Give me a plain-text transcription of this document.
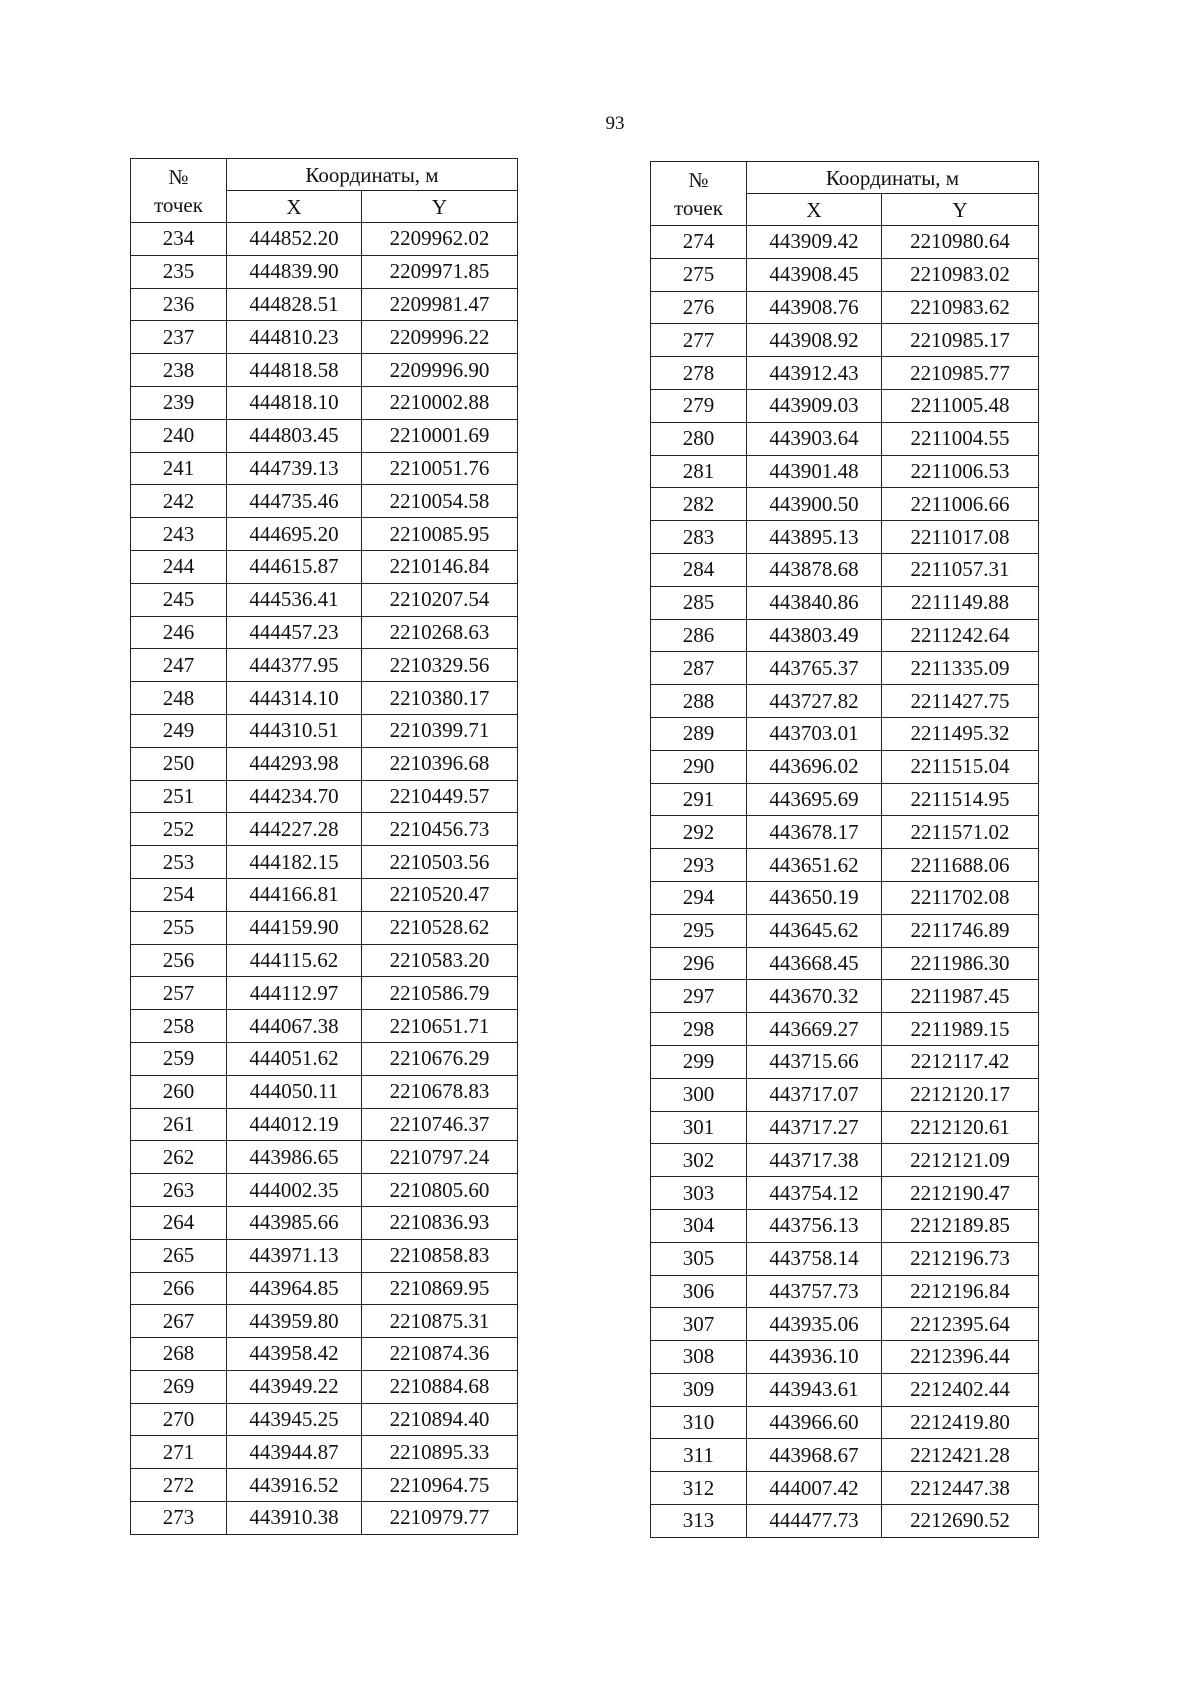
93
№
точек	Координаты, м	
	X	Y
234	444852.20	2209962.02
235	444839.90	2209971.85
236	444828.51	2209981.47
237	444810.23	2209996.22
238	444818.58	2209996.90
239	444818.10	2210002.88
240	444803.45	2210001.69
241	444739.13	2210051.76
242	444735.46	2210054.58
243	444695.20	2210085.95
244	444615.87	2210146.84
245	444536.41	2210207.54
246	444457.23	2210268.63
247	444377.95	2210329.56
248	444314.10	2210380.17
249	444310.51	2210399.71
250	444293.98	2210396.68
251	444234.70	2210449.57
252	444227.28	2210456.73
253	444182.15	2210503.56
254	444166.81	2210520.47
255	444159.90	2210528.62
256	444115.62	2210583.20
257	444112.97	2210586.79
258	444067.38	2210651.71
259	444051.62	2210676.29
260	444050.11	2210678.83
261	444012.19	2210746.37
262	443986.65	2210797.24
263	444002.35	2210805.60
264	443985.66	2210836.93
265	443971.13	2210858.83
266	443964.85	2210869.95
267	443959.80	2210875.31
268	443958.42	2210874.36
269	443949.22	2210884.68
270	443945.25	2210894.40
271	443944.87	2210895.33
272	443916.52	2210964.75
273	443910.38	2210979.77
№
точек	Координаты, м	
	X	Y
274	443909.42	2210980.64
275	443908.45	2210983.02
276	443908.76	2210983.62
277	443908.92	2210985.17
278	443912.43	2210985.77
279	443909.03	2211005.48
280	443903.64	2211004.55
281	443901.48	2211006.53
282	443900.50	2211006.66
283	443895.13	2211017.08
284	443878.68	2211057.31
285	443840.86	2211149.88
286	443803.49	2211242.64
287	443765.37	2211335.09
288	443727.82	2211427.75
289	443703.01	2211495.32
290	443696.02	2211515.04
291	443695.69	2211514.95
292	443678.17	2211571.02
293	443651.62	2211688.06
294	443650.19	2211702.08
295	443645.62	2211746.89
296	443668.45	2211986.30
297	443670.32	2211987.45
298	443669.27	2211989.15
299	443715.66	2212117.42
300	443717.07	2212120.17
301	443717.27	2212120.61
302	443717.38	2212121.09
303	443754.12	2212190.47
304	443756.13	2212189.85
305	443758.14	2212196.73
306	443757.73	2212196.84
307	443935.06	2212395.64
308	443936.10	2212396.44
309	443943.61	2212402.44
310	443966.60	2212419.80
311	443968.67	2212421.28
312	444007.42	2212447.38
313	444477.73	2212690.52
